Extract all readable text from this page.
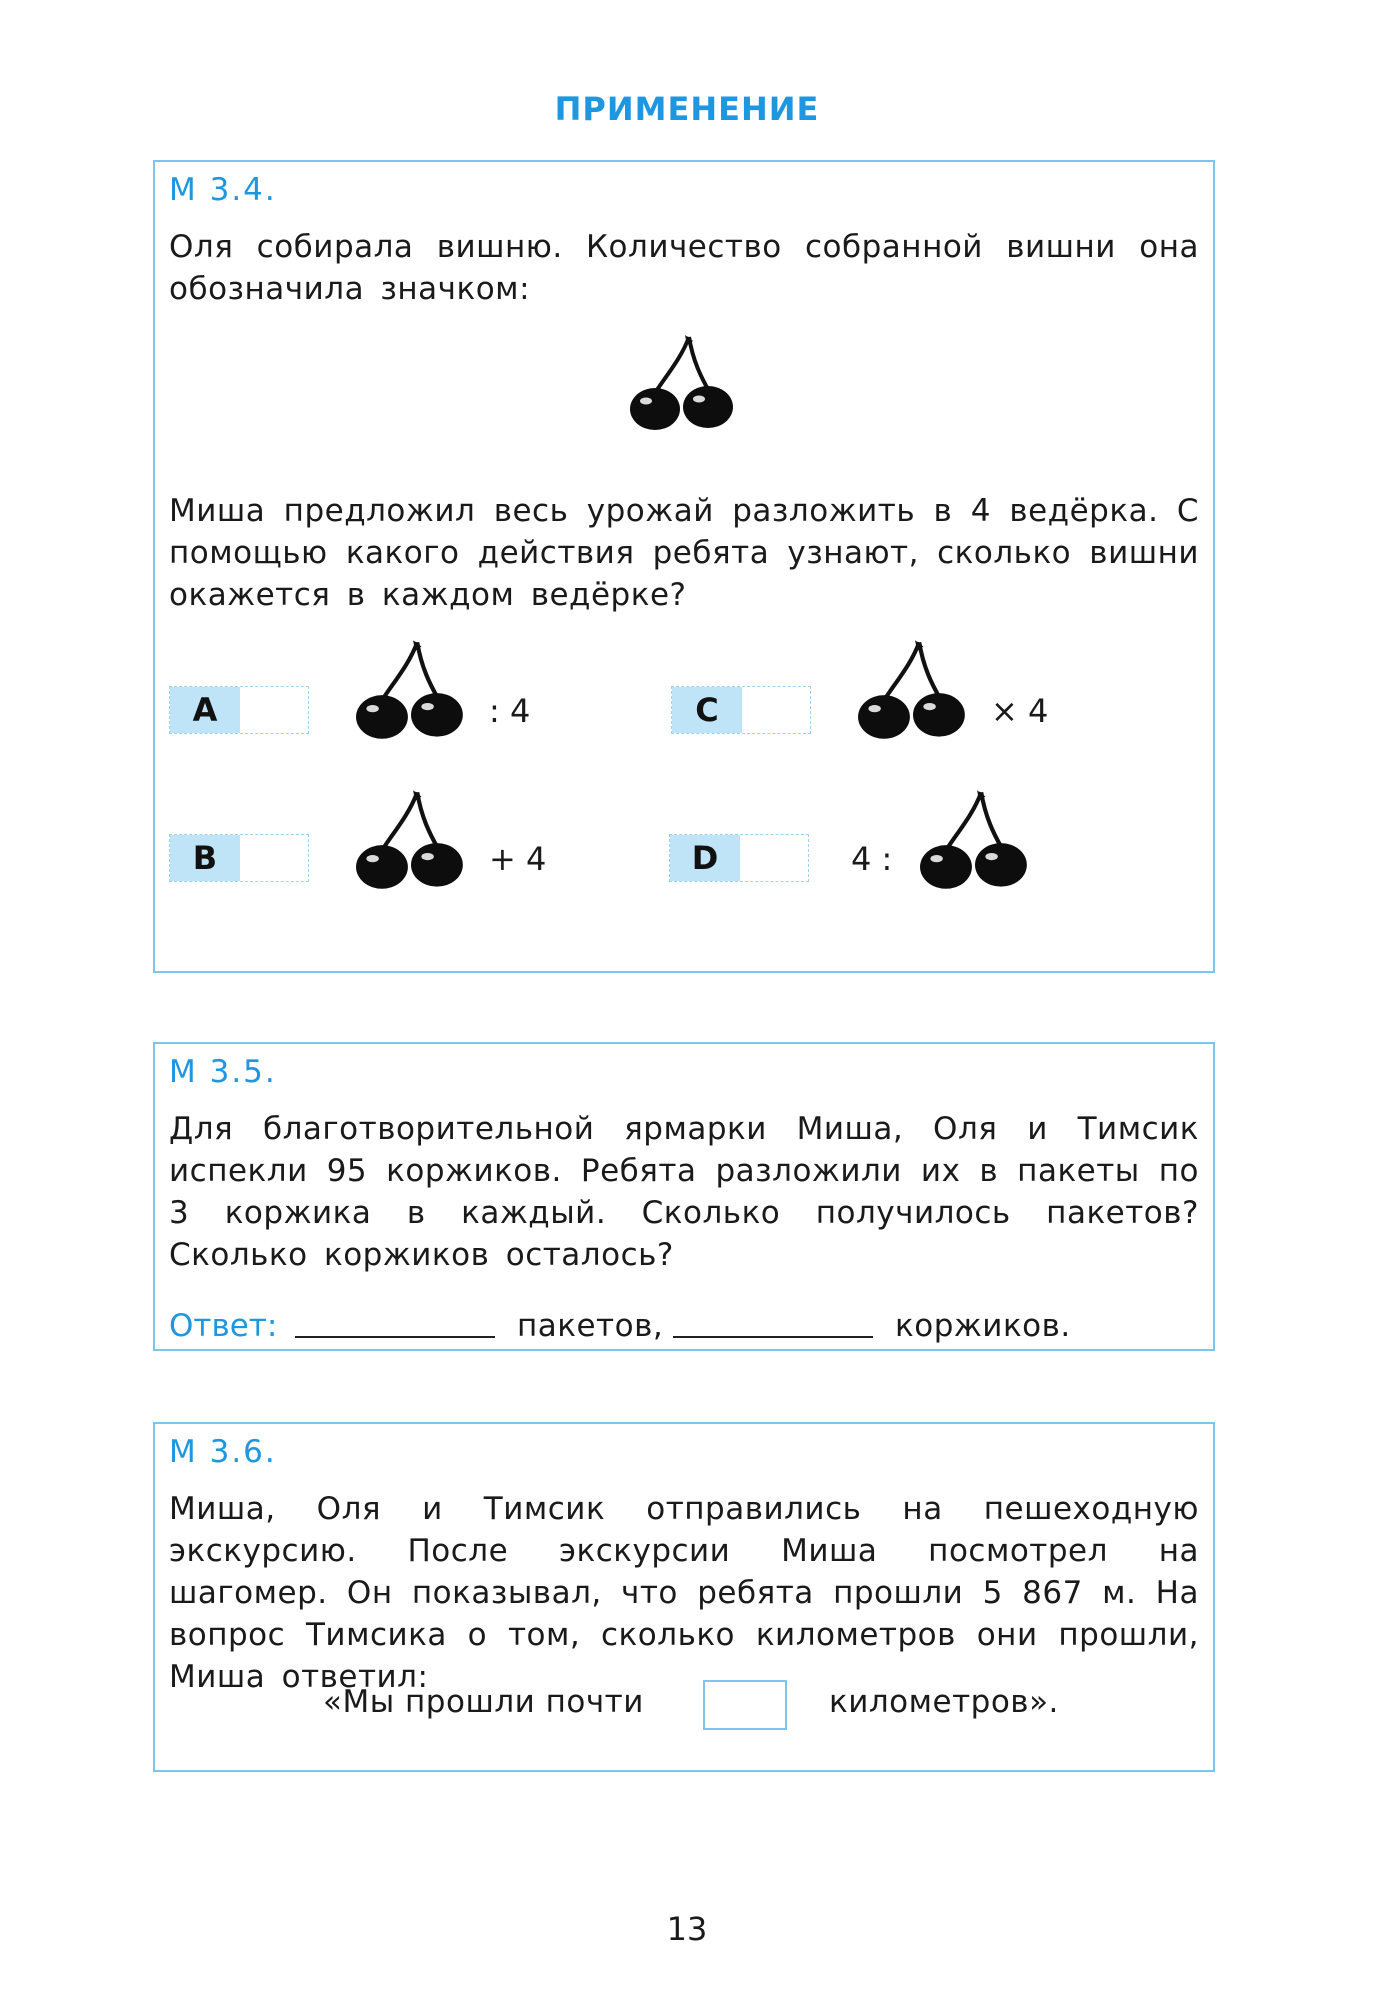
ПРИМЕНЕНИЕ
М 3.4.
Оля собирала вишню. Количество собранной вишни она обозначила значком:
Миша предложил весь урожай разложить в 4 ведёрка. С помощью какого действия ребята узнают, сколько вишни окажется в каждом ведёрке?
A	: 4	C	× 4
B	+ 4	D	4 :
М 3.5.
Для благотворительной ярмарки Миша, Оля и Тимсик испекли 95 коржиков. Ребята разложили их в пакеты по 3 коржика в каждый. Сколько получилось пакетов? Сколько коржиков осталось?
Ответ:	пакетов,	коржиков.
М 3.6.
Миша, Оля и Тимсик отправились на пешеходную экскурсию. После экскурсии Миша посмотрел на шагомер. Он показывал, что ребята прошли 5 867 м. На вопрос Тимсика о том, сколько километров они прошли, Миша ответил:
«Мы прошли почти	километров».
13
